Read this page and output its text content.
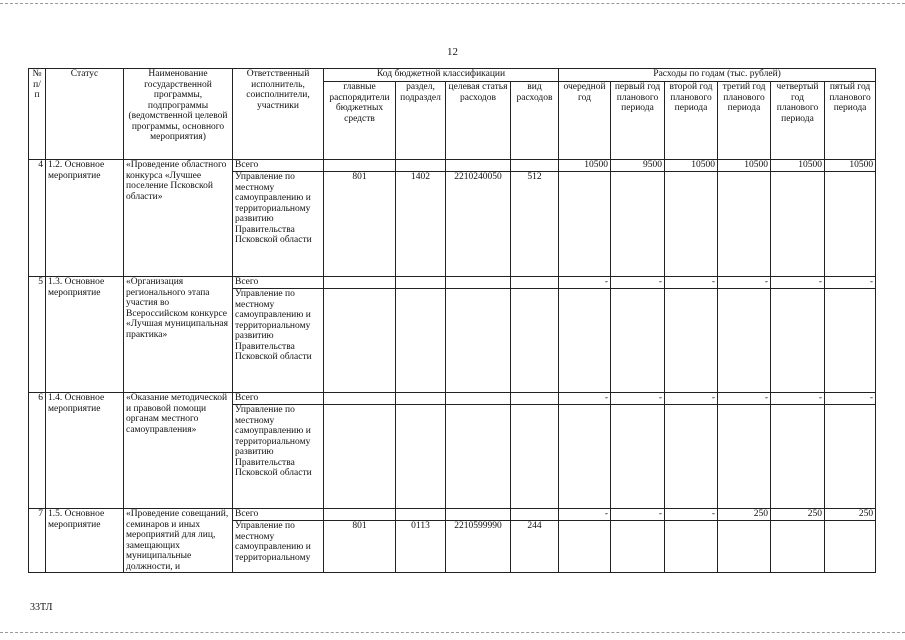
12
№ п/п	Статус	Наименование государственной программы, подпрограммы (ведомственной целевой программы, основного мероприятия)	Ответственный исполнитель, соисполнители, участники	Код бюджетной классификации				Расходы по годам (тыс. рублей)					
				главные распорядители бюджетных средств	раздел, подраздел	целевая статья расходов	вид расходов	очередной год	первый год планового периода	второй год планового периода	третий год планового периода	четвертый год планового периода	пятый год планового периода
4	1.2. Основное мероприятие	«Проведение областного конкурса «Лучшее поселение Псковской области»	Всего					10500	9500	10500	10500	10500	10500
			Управление по местному самоуправлению и территориальному развитию Правительства Псковской области	801	1402	2210240050	512						
5	1.3. Основное мероприятие	«Организация регионального этапа участия во Всероссийском конкурсе «Лучшая муниципальная практика»	Всего					-	-	-	-	-	-
			Управление по местному самоуправлению и территориальному развитию Правительства Псковской области										
6	1.4. Основное мероприятие	«Оказание методической и правовой помощи органам местного самоуправления»	Всего					-	-	-	-	-	-
			Управление по местному самоуправлению и территориальному развитию Правительства Псковской области										
7	1.5. Основное мероприятие	«Проведение совещаний, семинаров и иных мероприятий для лиц, замещающих муниципальные должности, и	Всего					-	-	-	250	250	250
			Управление по местному самоуправлению и территориальному	801	0113	2210599990	244						
33ТЛ
